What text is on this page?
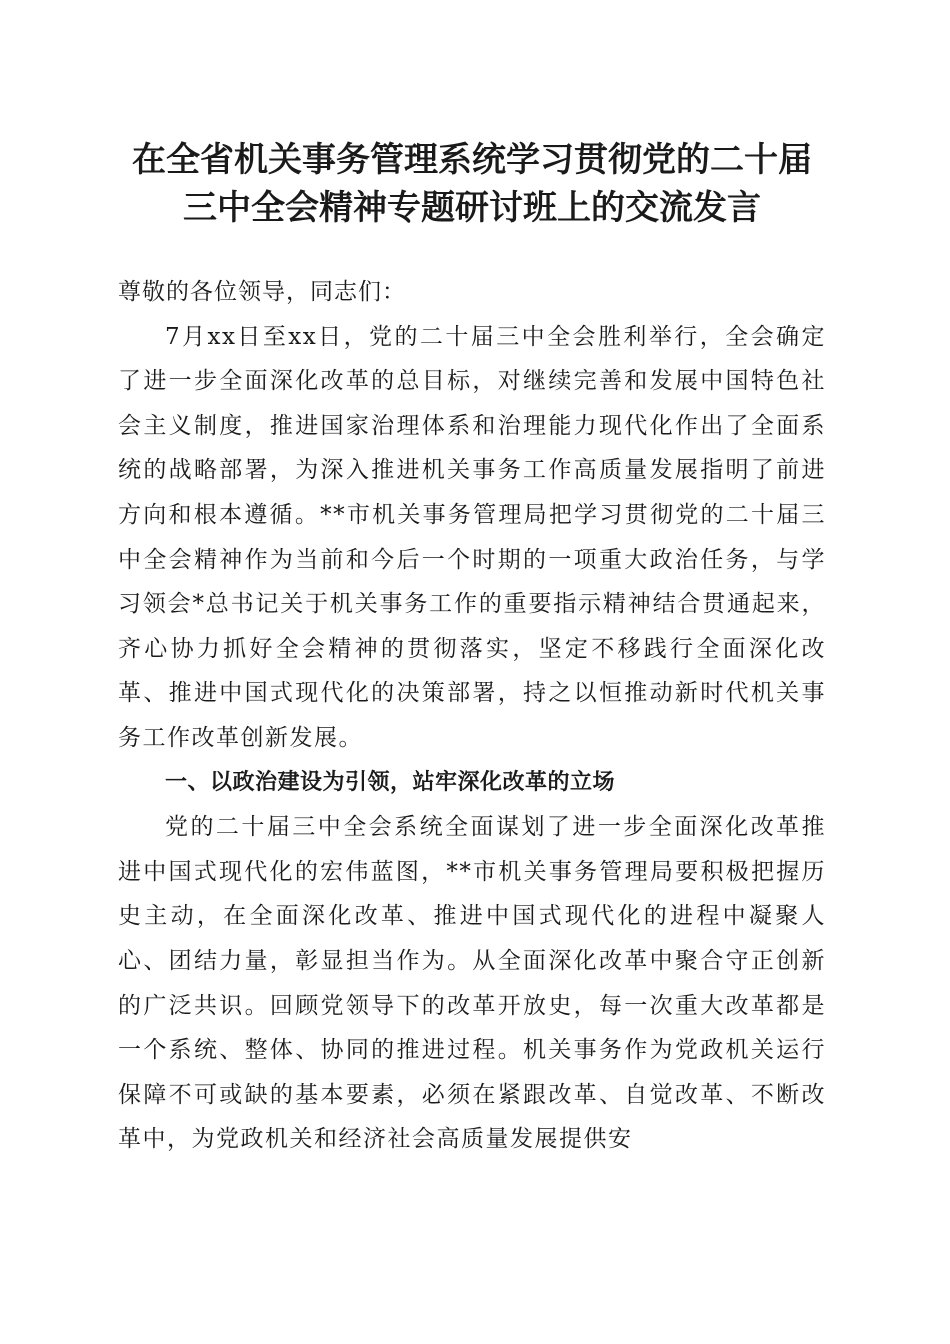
在全省机关事务管理系统学习贯彻党的二十届
三中全会精神专题研讨班上的交流发言

尊敬的各位领导，同志们：

7月xx日至xx日，党的二十届三中全会胜利举行，全会确定了进一步全面深化改革的总目标，对继续完善和发展中国特色社会主义制度，推进国家治理体系和治理能力现代化作出了全面系统的战略部署，为深入推进机关事务工作高质量发展指明了前进方向和根本遵循。**市机关事务管理局把学习贯彻党的二十届三中全会精神作为当前和今后一个时期的一项重大政治任务，与学习领会*总书记关于机关事务工作的重要指示精神结合贯通起来，齐心协力抓好全会精神的贯彻落实，坚定不移践行全面深化改革、推进中国式现代化的决策部署，持之以恒推动新时代机关事务工作改革创新发展。

一、以政治建设为引领，站牢深化改革的立场

党的二十届三中全会系统全面谋划了进一步全面深化改革推进中国式现代化的宏伟蓝图，**市机关事务管理局要积极把握历史主动，在全面深化改革、推进中国式现代化的进程中凝聚人心、团结力量，彰显担当作为。从全面深化改革中聚合守正创新的广泛共识。回顾党领导下的改革开放史，每一次重大改革都是一个系统、整体、协同的推进过程。机关事务作为党政机关运行保障不可或缺的基本要素，必须在紧跟改革、自觉改革、不断改革中，为党政机关和经济社会高质量发展提供安
